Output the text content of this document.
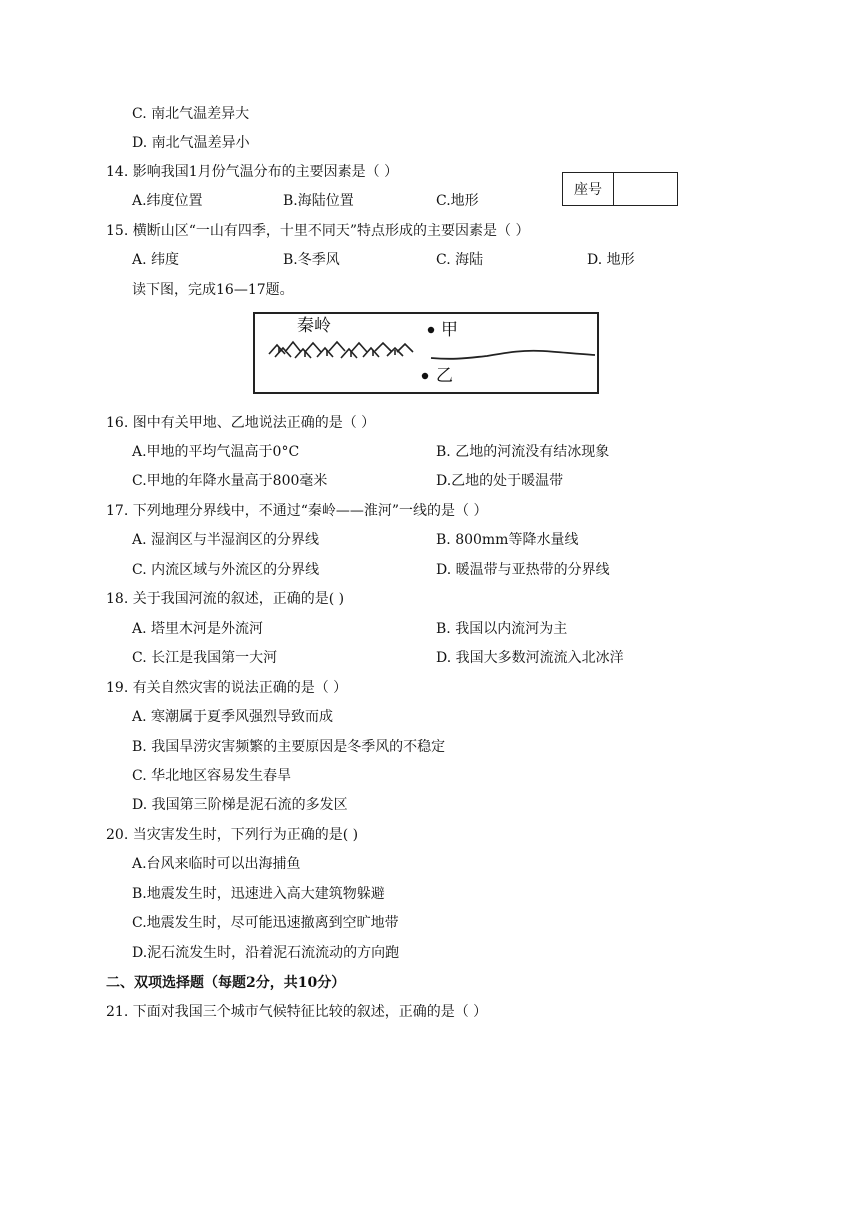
C. 南北气温差异大
D. 南北气温差异小
14. 影响我国1月份气温分布的主要因素是（ ）
A.纬度位置	B.海陆位置	C.地形
座号
15. 横断山区“一山有四季，十里不同天”特点形成的主要因素是（ ）
A. 纬度	B.冬季风	C. 海陆	D. 地形
读下图，完成16—17题。
秦岭	甲
乙
16. 图中有关甲地、乙地说法正确的是（ ）
A.甲地的平均气温高于0°C	B. 乙地的河流没有结冰现象
C.甲地的年降水量高于800毫米	D.乙地的处于暖温带
17. 下列地理分界线中，不通过“秦岭——淮河”一线的是（ ）
A. 湿润区与半湿润区的分界线	B. 800mm等降水量线
C. 内流区域与外流区的分界线	D. 暖温带与亚热带的分界线
18. 关于我国河流的叙述，正确的是( )
A. 塔里木河是外流河	B. 我国以内流河为主
C. 长江是我国第一大河	D. 我国大多数河流流入北冰洋
19. 有关自然灾害的说法正确的是（ ）
A. 寒潮属于夏季风强烈导致而成
B. 我国旱涝灾害频繁的主要原因是冬季风的不稳定
C. 华北地区容易发生春旱
D. 我国第三阶梯是泥石流的多发区
20. 当灾害发生时，下列行为正确的是( )
A.台风来临时可以出海捕鱼
B.地震发生时，迅速进入高大建筑物躲避
C.地震发生时，尽可能迅速撤离到空旷地带
D.泥石流发生时，沿着泥石流流动的方向跑
二、双项选择题（每题2分，共10分）
21. 下面对我国三个城市气候特征比较的叙述，正确的是（ ）
